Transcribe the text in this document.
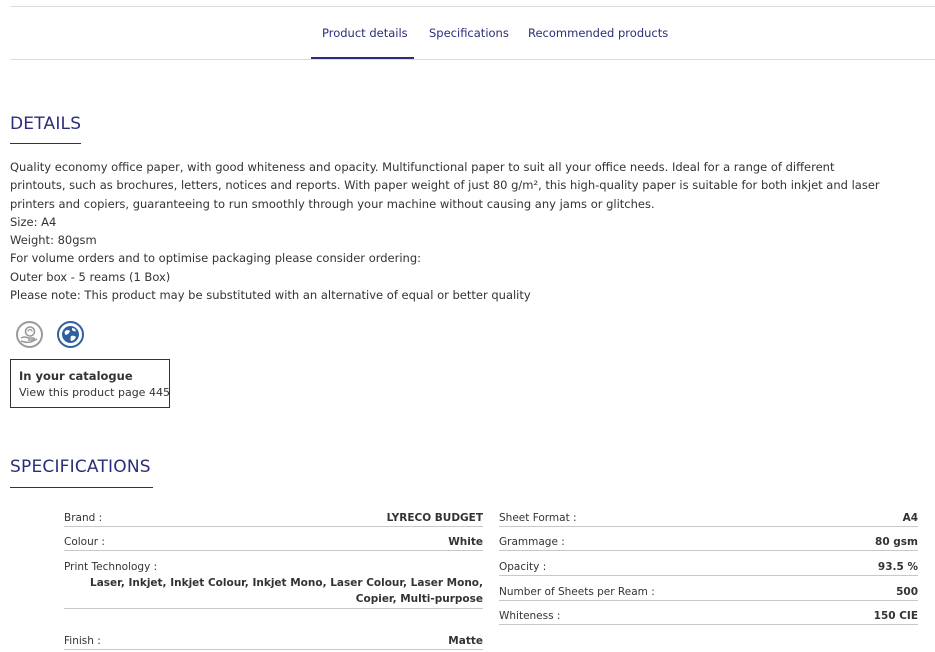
Product details Specifications Recommended products
DETAILS

Quality economy office paper, with good whiteness and opacity. Multifunctional paper to suit all your office needs. Ideal for a range of different printouts, such as brochures, letters, notices and reports. With paper weight of just 80 g/m², this high-quality paper is suitable for both inkjet and laser printers and copiers, guaranteeing to run smoothly through your machine without causing any jams or glitches.

Size: A4

Weight: 80gsm

For volume orders and to optimise packaging please consider ordering:

Outer box - 5 reams (1 Box)

Please note: This product may be substituted with an alternative of equal or better quality

In your catalogue
View this product page 445
SPECIFICATIONS
Brand :	LYRECO BUDGET
Colour :	White
Print Technology :
Laser, Inkjet, Inkjet Colour, Inkjet Mono, Laser Colour, Laser Mono, Copier, Multi-purpose
Finish :	Matte
Sheet Format :	A4
Grammage :	80 gsm
Opacity :	93.5 %
Number of Sheets per Ream :	500
Whiteness :	150 CIE
